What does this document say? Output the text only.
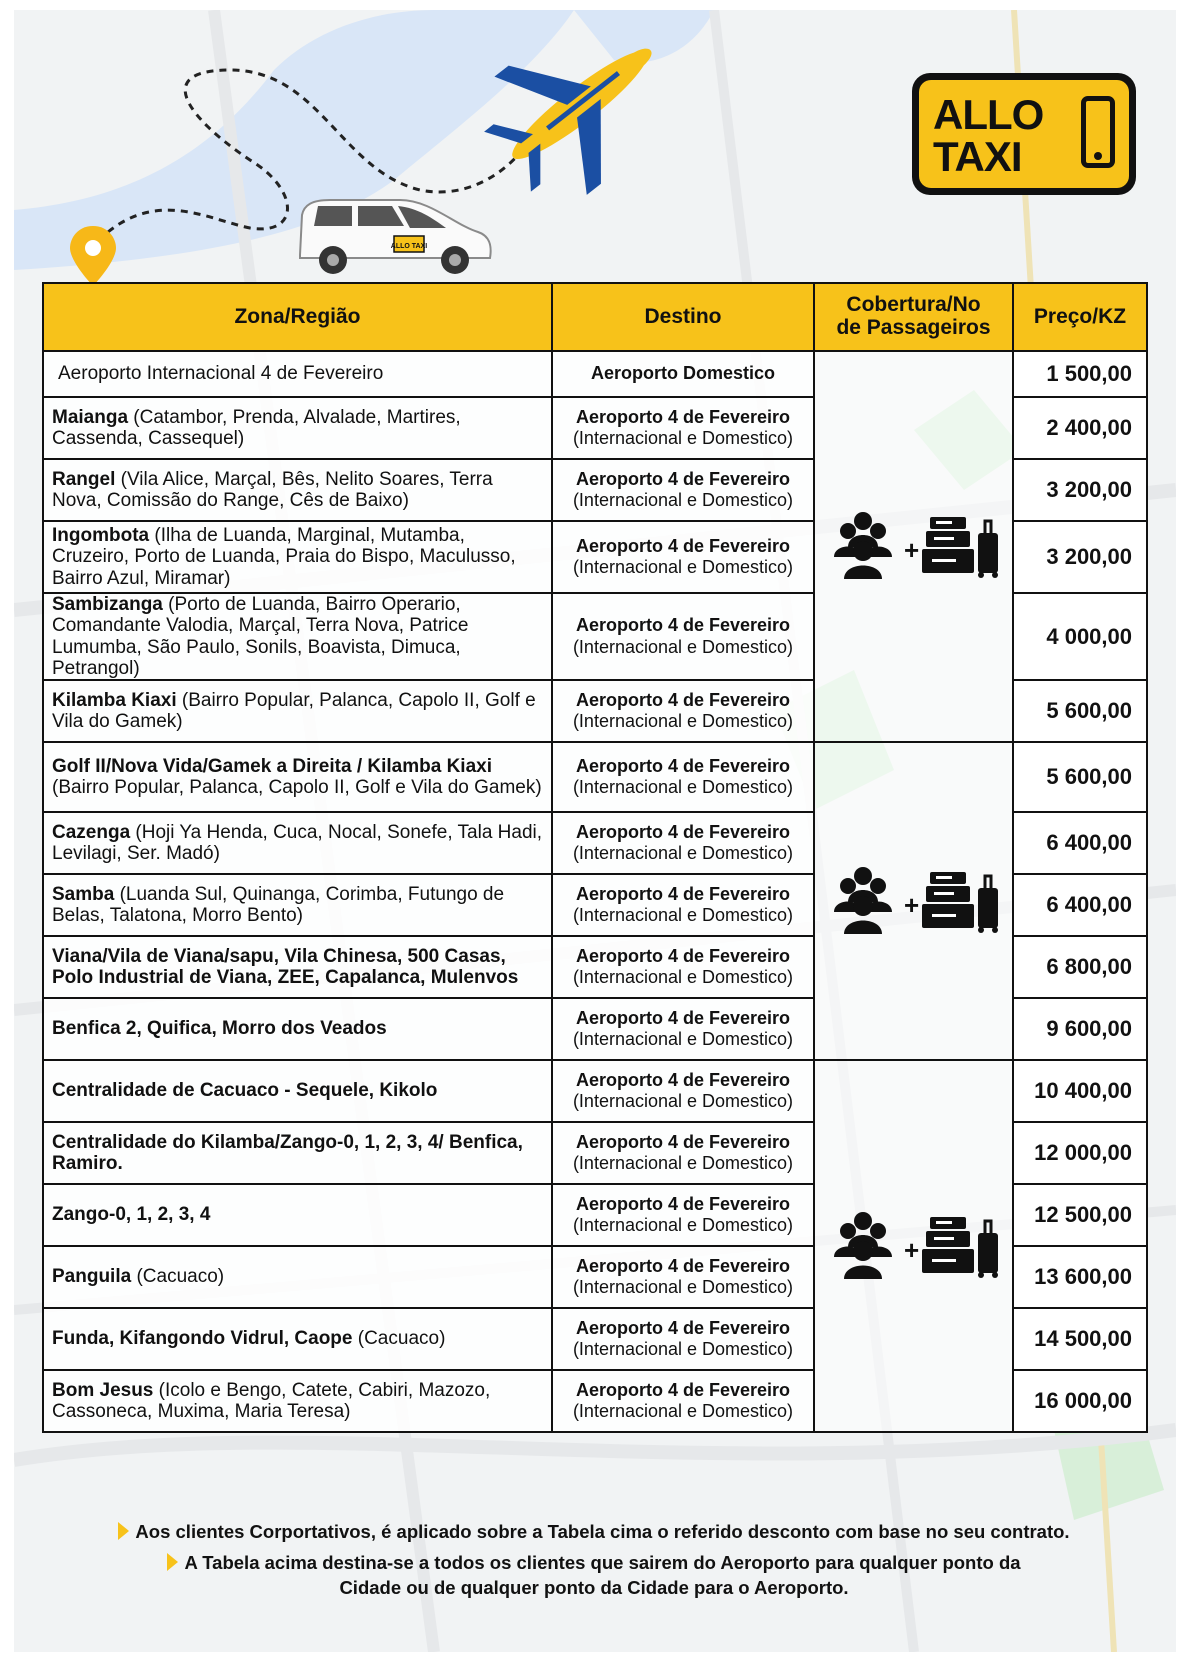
ALLO TAXI
ALLO
TAXI
Zona/Região	Destino	Cobertura/No
de Passageiros	Preço/KZ
Aeroporto Internacional 4 de Fevereiro	Aeroporto Domestico	+	1 500,00
Maianga (Catambor, Prenda, Alvalade, Martires, Cassenda, Cassequel)	Aeroporto 4 de Fevereiro
(Internacional e Domestico)		2 400,00
Rangel (Vila Alice, Marçal, Bês, Nelito Soares, Terra Nova, Comissão do Range, Cês de Baixo)	Aeroporto 4 de Fevereiro
(Internacional e Domestico)		3 200,00
Ingombota (Ilha de Luanda, Marginal, Mutamba, Cruzeiro, Porto de Luanda, Praia do Bispo, Maculusso, Bairro Azul, Miramar)	Aeroporto 4 de Fevereiro
(Internacional e Domestico)		3 200,00
Sambizanga (Porto de Luanda, Bairro Operario, Comandante Valodia, Marçal, Terra Nova, Patrice Lumumba, São Paulo, Sonils, Boavista, Dimuca, Petrangol)	Aeroporto 4 de Fevereiro
(Internacional e Domestico)		4 000,00
Kilamba Kiaxi (Bairro Popular, Palanca, Capolo II, Golf e Vila do Gamek)	Aeroporto 4 de Fevereiro
(Internacional e Domestico)		5 600,00
Golf II/Nova Vida/Gamek a Direita / Kilamba Kiaxi (Bairro Popular, Palanca, Capolo II, Golf e Vila do Gamek)	Aeroporto 4 de Fevereiro
(Internacional e Domestico)	+	5 600,00
Cazenga (Hoji Ya Henda, Cuca, Nocal, Sonefe, Tala Hadi, Levilagi, Ser. Madó)	Aeroporto 4 de Fevereiro
(Internacional e Domestico)		6 400,00
Samba (Luanda Sul, Quinanga, Corimba, Futungo de Belas, Talatona, Morro Bento)	Aeroporto 4 de Fevereiro
(Internacional e Domestico)		6 400,00
Viana/Vila de Viana/sapu, Vila Chinesa, 500 Casas, Polo Industrial de Viana, ZEE, Capalanca, Mulenvos	Aeroporto 4 de Fevereiro
(Internacional e Domestico)		6 800,00
Benfica 2, Quifica, Morro dos Veados	Aeroporto 4 de Fevereiro
(Internacional e Domestico)		9 600,00
Centralidade de Cacuaco - Sequele, Kikolo	Aeroporto 4 de Fevereiro
(Internacional e Domestico)	+	10 400,00
Centralidade do Kilamba/Zango-0, 1, 2, 3, 4/ Benfica, Ramiro.	Aeroporto 4 de Fevereiro
(Internacional e Domestico)		12 000,00
Zango-0, 1, 2, 3, 4	Aeroporto 4 de Fevereiro
(Internacional e Domestico)		12 500,00
Panguila (Cacuaco)	Aeroporto 4 de Fevereiro
(Internacional e Domestico)		13 600,00
Funda, Kifangondo Vidrul, Caope (Cacuaco)	Aeroporto 4 de Fevereiro
(Internacional e Domestico)		14 500,00
Bom Jesus (Icolo e Bengo, Catete, Cabiri, Mazozo, Cassoneca, Muxima, Maria Teresa)	Aeroporto 4 de Fevereiro
(Internacional e Domestico)		16 000,00
Aos clientes Corportativos, é aplicado sobre a Tabela cima o referido desconto com base no seu contrato.
A Tabela acima destina-se a todos os clientes que sairem do Aeroporto para qualquer ponto da
Cidade ou de qualquer ponto da Cidade para o Aeroporto.
